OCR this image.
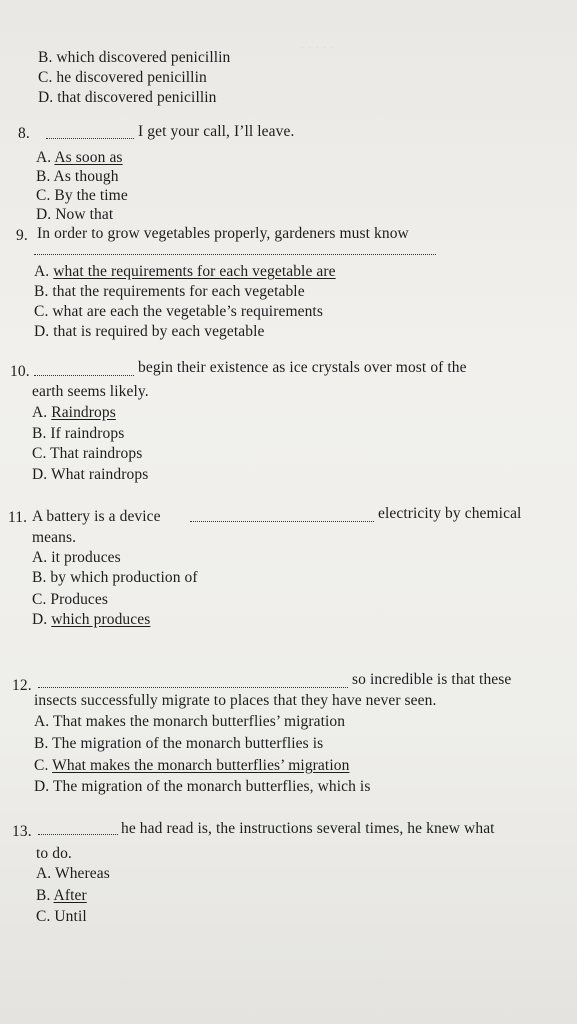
· · · · ·
B. which discovered penicillin
C. he discovered penicillin
D. that discovered penicillin
8.	I get your call, I’ll leave.
A. As soon as
B. As though
C. By the time
D. Now that
9. In order to grow vegetables properly, gardeners must know
A. what the requirements for each vegetable are
B. that the requirements for each vegetable
C. what are each the vegetable’s requirements
D. that is required by each vegetable
10.	begin their existence as ice crystals over most of the
earth seems likely.
A. Raindrops
B. If raindrops
C. That raindrops
D. What raindrops
11. A battery is a device	electricity by chemical
means.
A. it produces
B. by which production of
C. Produces
D. which produces
12.	so incredible is that these
insects successfully migrate to places that they have never seen.
A. That makes the monarch butterflies’ migration
B. The migration of the monarch butterflies is
C. What makes the monarch butterflies’ migration
D. The migration of the monarch butterflies, which is
13.	he had read is, the instructions several times, he knew what
to do.
A. Whereas
B. After
C. Until
